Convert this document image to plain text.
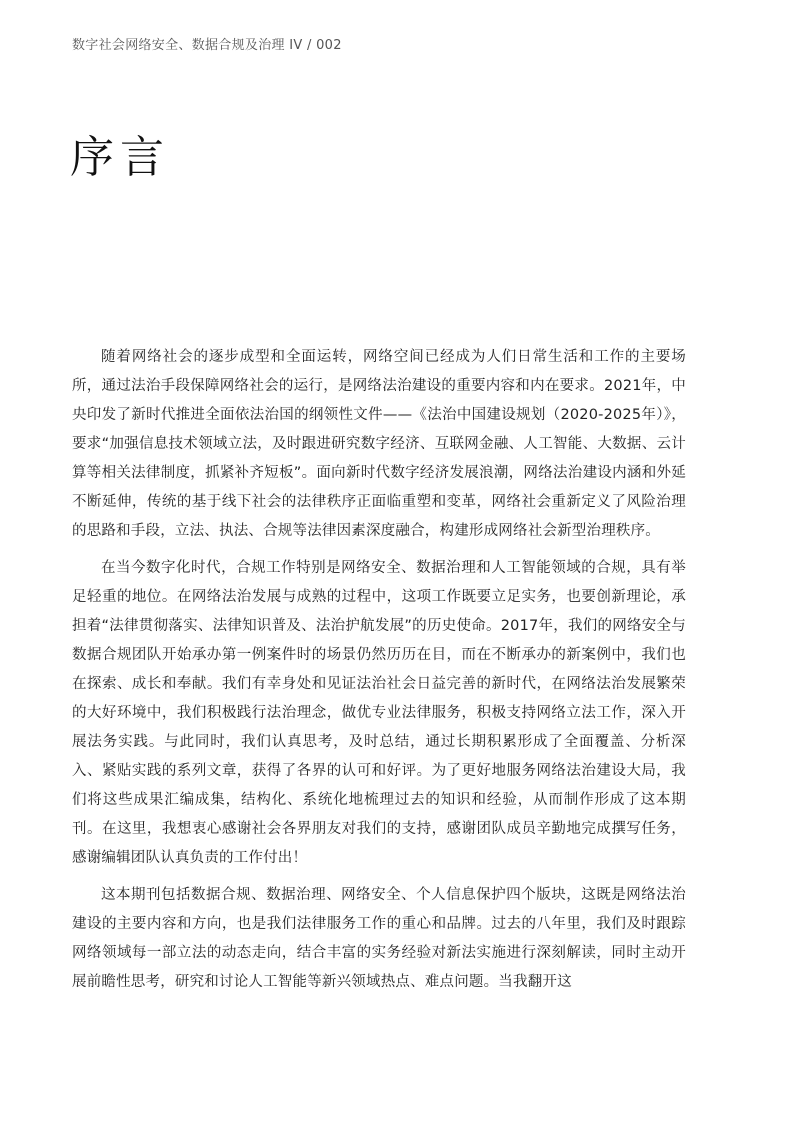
数字社会网络安全、数据合规及治理 IV / 002
序言

随着网络社会的逐步成型和全面运转，网络空间已经成为人们日常生活和工作的主要场所，通过法治手段保障网络社会的运行，是网络法治建设的重要内容和内在要求。2021年，中央印发了新时代推进全面依法治国的纲领性文件——《法治中国建设规划（2020-2025年）》，要求“加强信息技术领域立法，及时跟进研究数字经济、互联网金融、人工智能、大数据、云计算等相关法律制度，抓紧补齐短板”。面向新时代数字经济发展浪潮，网络法治建设内涵和外延不断延伸，传统的基于线下社会的法律秩序正面临重塑和变革，网络社会重新定义了风险治理的思路和手段，立法、执法、合规等法律因素深度融合，构建形成网络社会新型治理秩序。

在当今数字化时代，合规工作特别是网络安全、数据治理和人工智能领域的合规，具有举足轻重的地位。在网络法治发展与成熟的过程中，这项工作既要立足实务，也要创新理论，承担着“法律贯彻落实、法律知识普及、法治护航发展”的历史使命。2017年，我们的网络安全与数据合规团队开始承办第一例案件时的场景仍然历历在目，而在不断承办的新案例中，我们也在探索、成长和奉献。我们有幸身处和见证法治社会日益完善的新时代，在网络法治发展繁荣的大好环境中，我们积极践行法治理念，做优专业法律服务，积极支持网络立法工作，深入开展法务实践。与此同时，我们认真思考，及时总结，通过长期积累形成了全面覆盖、分析深入、紧贴实践的系列文章，获得了各界的认可和好评。为了更好地服务网络法治建设大局，我们将这些成果汇编成集，结构化、系统化地梳理过去的知识和经验，从而制作形成了这本期刊。在这里，我想衷心感谢社会各界朋友对我们的支持，感谢团队成员辛勤地完成撰写任务，感谢编辑团队认真负责的工作付出！

这本期刊包括数据合规、数据治理、网络安全、个人信息保护四个版块，这既是网络法治建设的主要内容和方向，也是我们法律服务工作的重心和品牌。过去的八年里，我们及时跟踪网络领域每一部立法的动态走向，结合丰富的实务经验对新法实施进行深刻解读，同时主动开展前瞻性思考，研究和讨论人工智能等新兴领域热点、难点问题。当我翻开这
